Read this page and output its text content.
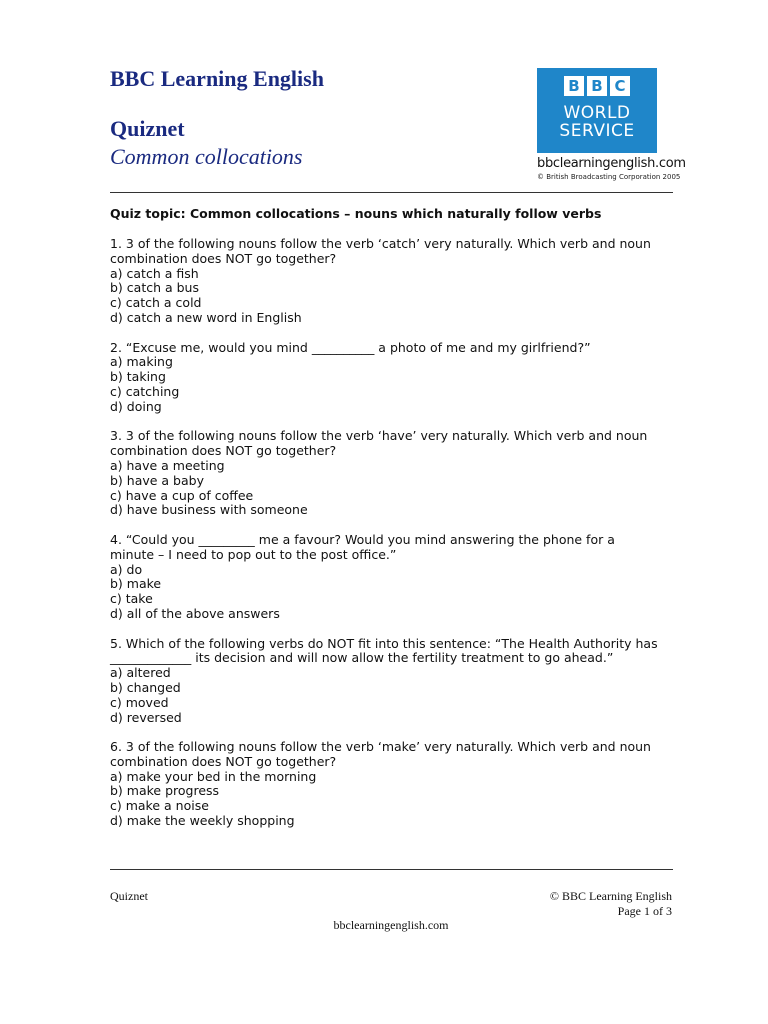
BBC Learning English
Quiznet
Common collocations
B B C
WORLD
SERVICE
bbclearningenglish.com
© British Broadcasting Corporation 2005
Quiz topic: Common collocations – nouns which naturally follow verbs
1. 3 of the following nouns follow the verb ‘catch’ very naturally. Which verb and noun
combination does NOT go together?
a) catch a fish
b) catch a bus
c) catch a cold
d) catch a new word in English
2. “Excuse me, would you mind __________ a photo of me and my girlfriend?”
a) making
b) taking
c) catching
d) doing
3. 3 of the following nouns follow the verb ‘have’ very naturally. Which verb and noun
combination does NOT go together?
a) have a meeting
b) have a baby
c) have a cup of coffee
d) have business with someone
4. “Could you _________ me a favour? Would you mind answering the phone for a
minute – I need to pop out to the post office.”
a) do
b) make
c) take
d) all of the above answers
5. Which of the following verbs do NOT fit into this sentence: “The Health Authority has
_____________ its decision and will now allow the fertility treatment to go ahead.”
a) altered
b) changed
c) moved
d) reversed
6. 3 of the following nouns follow the verb ‘make’ very naturally. Which verb and noun
combination does NOT go together?
a) make your bed in the morning
b) make progress
c) make a noise
d) make the weekly shopping
Quiznet	© BBC Learning English
Page 1 of 3
bbclearningenglish.com
